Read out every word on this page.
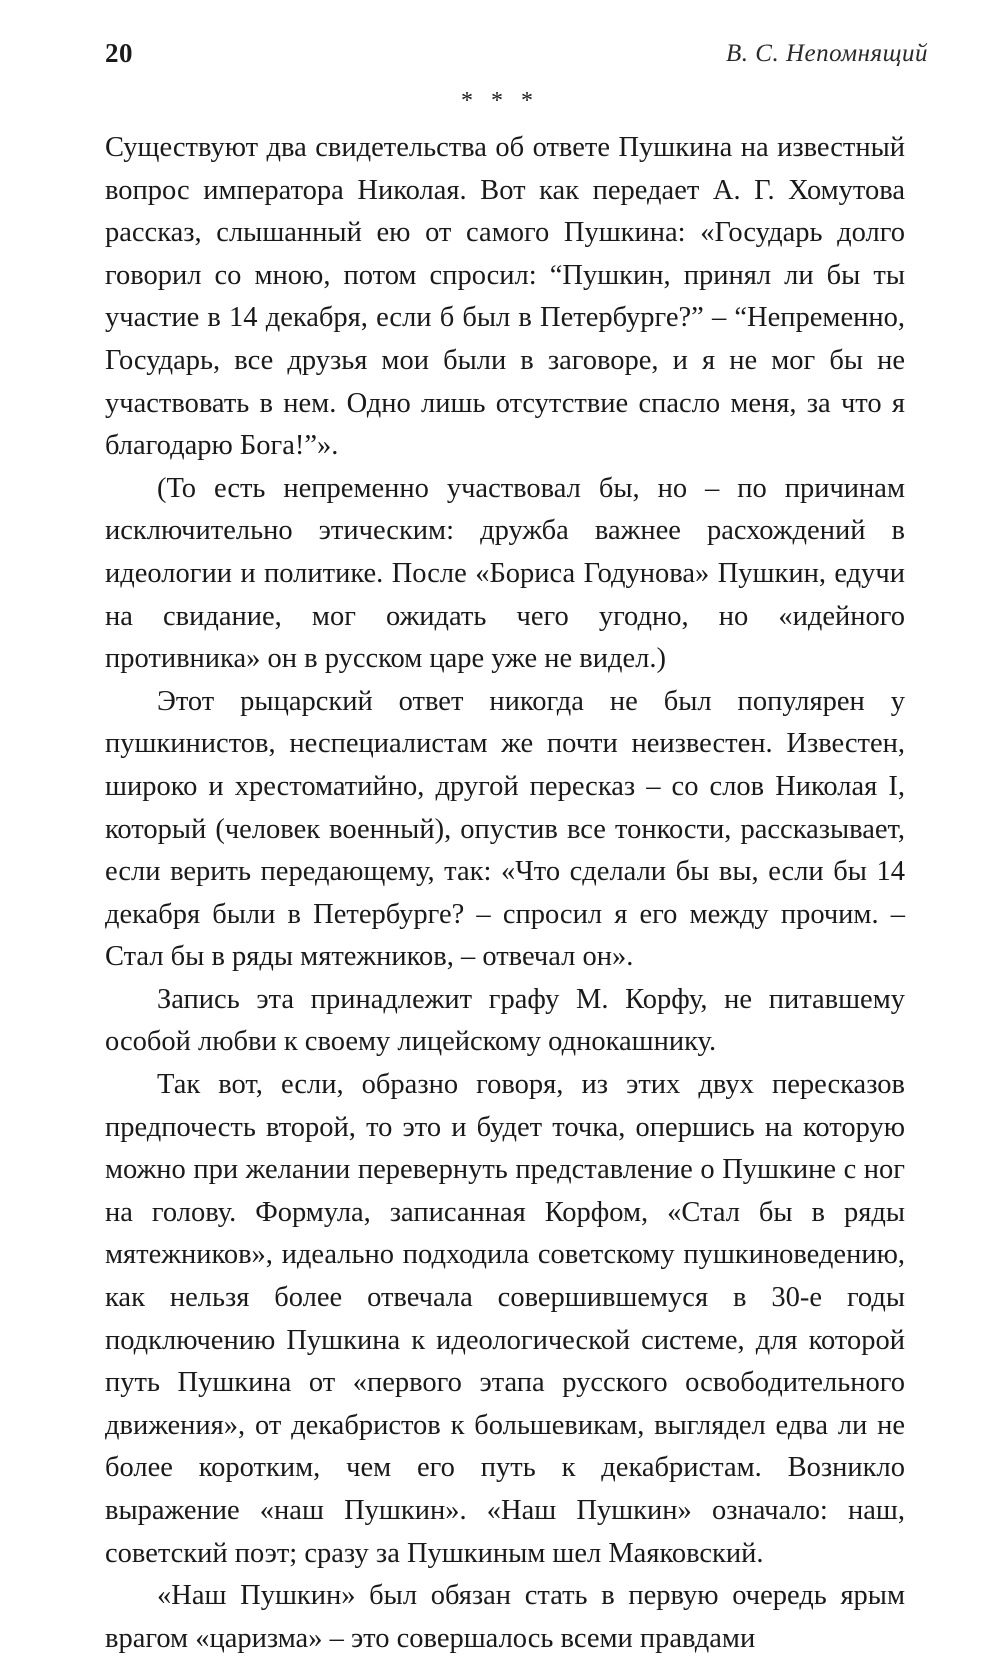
20	В. С. Непомнящий
* * *

Существуют два свидетельства об ответе Пушкина на известный вопрос императора Николая. Вот как передает А. Г. Хомутова рассказ, слышанный ею от самого Пушкина: «Государь долго говорил со мною, потом спросил: “Пушкин, принял ли бы ты участие в 14 декабря, если б был в Петербурге?” – “Непременно, Государь, все друзья мои были в заговоре, и я не мог бы не участвовать в нем. Одно лишь отсутствие спасло меня, за что я благодарю Бога!”».

(То есть непременно участвовал бы, но – по причинам исключительно этическим: дружба важнее расхождений в идеологии и политике. После «Бориса Годунова» Пушкин, едучи на свидание, мог ожидать чего угодно, но «идейного противника» он в русском царе уже не видел.)

Этот рыцарский ответ никогда не был популярен у пушкинистов, неспециалистам же почти неизвестен. Известен, широко и хрестоматийно, другой пересказ – со слов Николая I, который (человек военный), опустив все тонкости, рассказывает, если верить передающему, так: «Что сделали бы вы, если бы 14 декабря были в Петербурге? – спросил я его между прочим. – Стал бы в ряды мятежников, – отвечал он».

Запись эта принадлежит графу М. Корфу, не питавшему особой любви к своему лицейскому однокашнику.

Так вот, если, образно говоря, из этих двух пересказов предпочесть второй, то это и будет точка, опершись на которую можно при желании перевернуть представление о Пушкине с ног на голову. Формула, записанная Корфом, «Стал бы в ряды мятежников», идеально подходила советскому пушкиноведению, как нельзя более отвечала совершившемуся в 30-е годы подключению Пушкина к идеологической системе, для которой путь Пушкина от «первого этапа русского освободительного движения», от декабристов к большевикам, выглядел едва ли не более коротким, чем его путь к декабристам. Возникло выражение «наш Пушкин». «Наш Пушкин» означало: наш, советский поэт; сразу за Пушкиным шел Маяковский.

«Наш Пушкин» был обязан стать в первую очередь ярым врагом «царизма» – это совершалось всеми правдами
